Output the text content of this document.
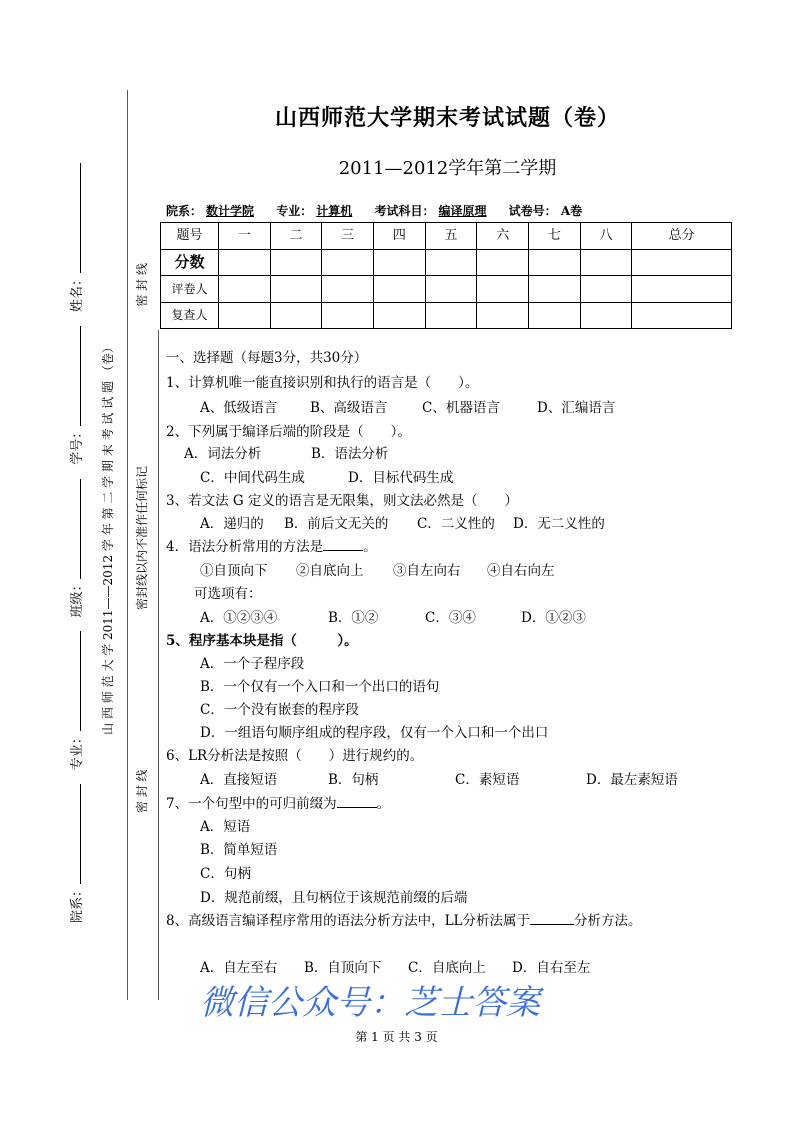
院系：
专业：
班级：
学号：
姓名：
山 西 师 范 大 学 2011——2012 学 年 第 二 学 期 末 考 试 试 题 （卷）
密 封 线
密封线以内不准作任何标记
密 封 线
山西师范大学期末考试试题（卷）
2011—2012学年第二学期
院系： 数计学院 专业： 计算机 考试科目： 编译原理 试卷号： A卷
题号	一	二	三	四	五	六	七	八	总分
分数									
评卷人									
复查人									
一、选择题（每题3分，共30分）
1、计算机唯一能直接识别和执行的语言是（　　）。
A、低级语言 B、高级语言	C、机器语言	D、汇编语言
2、下列属于编译后端的阶段是（　　）。
A．词法分析	B．语法分析
C．中间代码生成	D．目标代码生成
3、若文法 G 定义的语言是无限集，则文法必然是（　　）
A．递归的 B．前后文无关的 C．二义性的 D．无二义性的
4．语法分析常用的方法是	。
①自顶向下 ②自底向上 ③自左向右 ④自右向左
可选项有：
A．①②③④	B．①②	C．③④	D．①②③
5、程序基本块是指（　　　）。
A．一个子程序段
B．一个仅有一个入口和一个出口的语句
C．一个没有嵌套的程序段
D．一组语句顺序组成的程序段，仅有一个入口和一个出口
6、LR分析法是按照（　　）进行规约的。
A．直接短语	B．句柄	C．素短语	D．最左素短语
7、一个句型中的可归前缀为	。
A．短语
B．简单短语
C．句柄
D．规范前缀，且句柄位于该规范前缀的后端
8、高级语言编译程序常用的语法分析方法中，LL分析法属于	分析方法。
A．自左至右 B．自顶向下 C．自底向上 D．自右至左
微信公众号：芝士答案
第 1 页 共 3 页
